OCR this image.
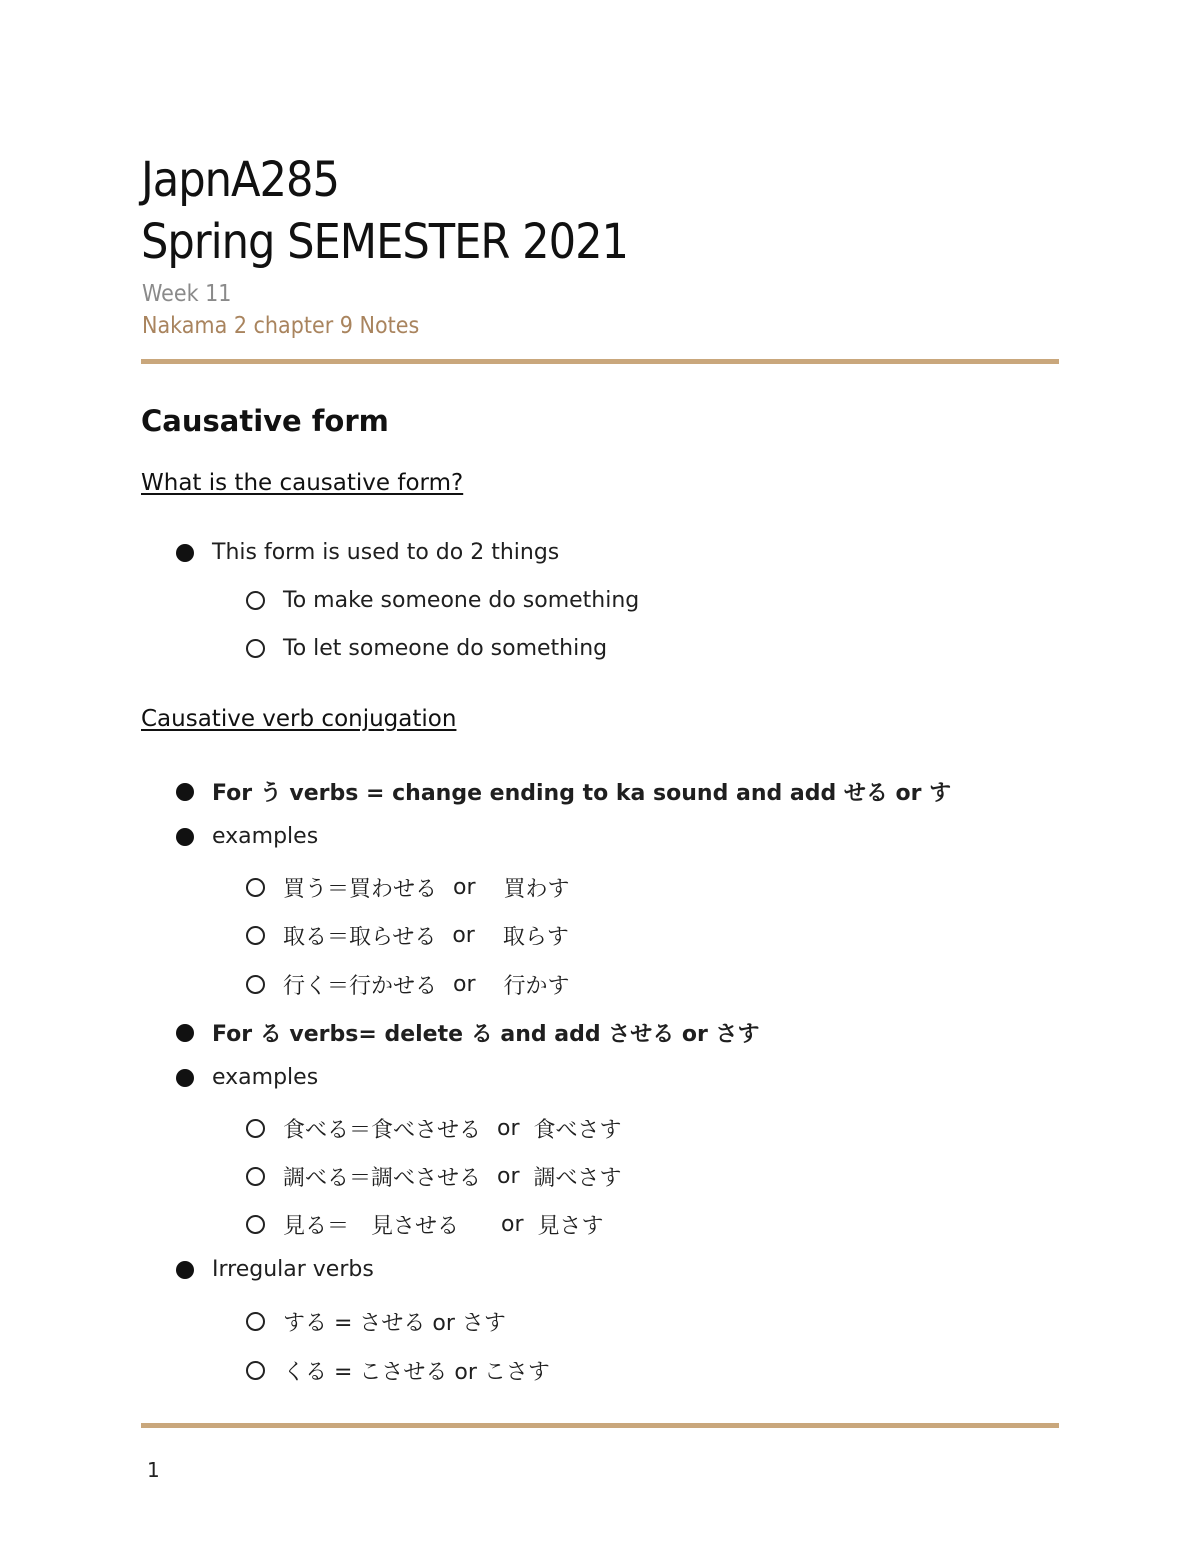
JapnA285
Spring SEMESTER 2021
Week 11
Nakama 2 chapter 9 Notes
Causative form
What is the causative form?
This form is used to do 2 things
To make someone do something
To let someone do something
Causative verb conjugation
For う verbs = change ending to ka sound and add せる or す
examples
買う＝買わせる or 買わす
取る＝取らせる or 取らす
行く＝行かせる or 行かす
For る verbs= delete る and add させる or さす
examples
食べる＝食べさせる or 食べさす
調べる＝調べさせる or 調べさす
見る＝　見させる or 見さす
Irregular verbs
する = させる or さす
くる = こさせる or こさす
1
